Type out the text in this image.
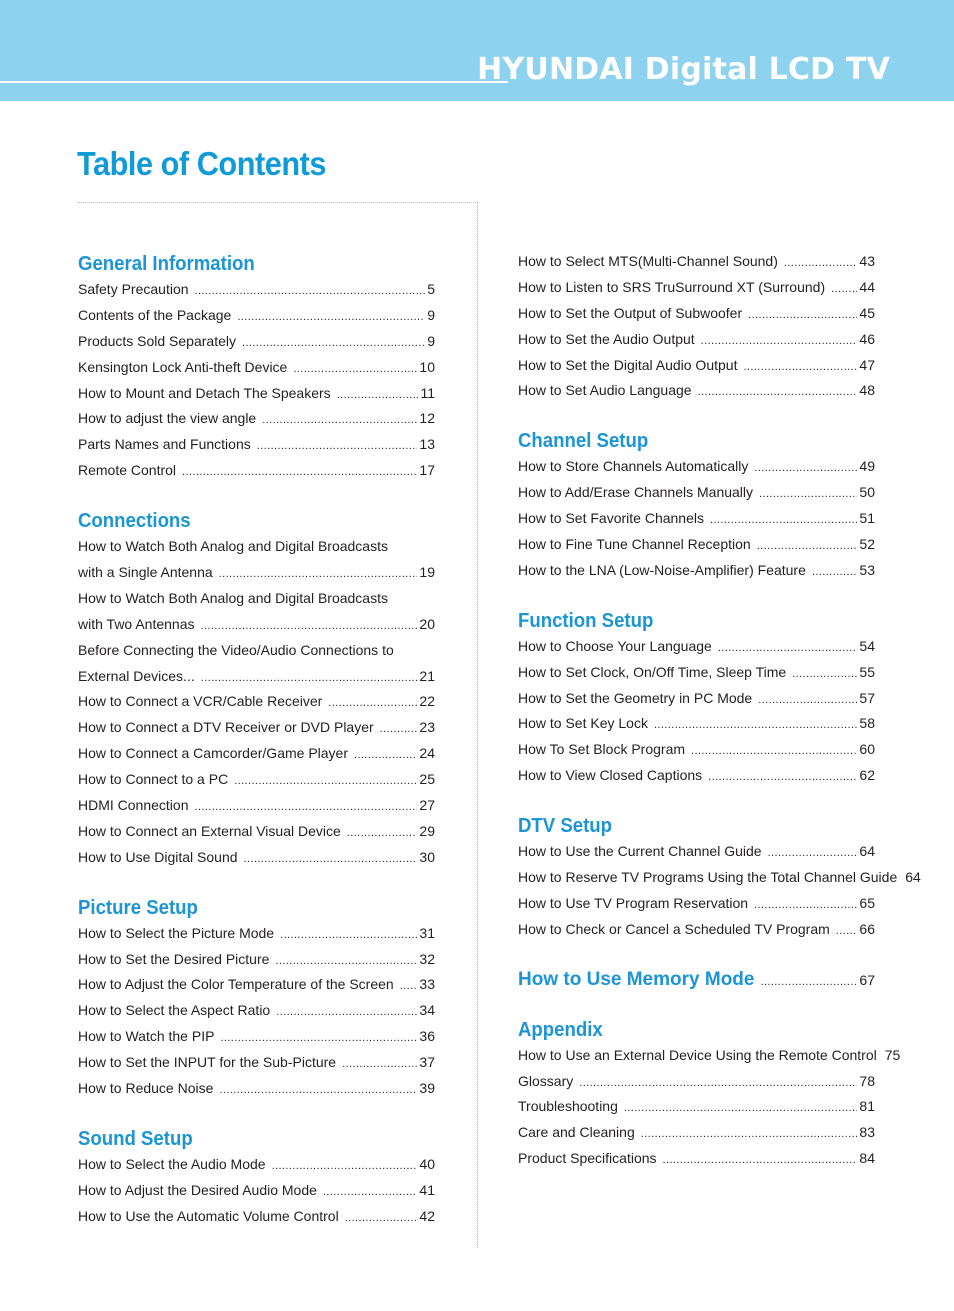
HYUNDAI Digital LCD TV
Table of Contents
General Information
Safety Precaution .....	5
Contents of the Package .....	9
Products Sold Separately .....	9
Kensington Lock Anti-theft Device .....	10
How to Mount and Detach The Speakers .....	11
How to adjust the view angle .....	12
Parts Names and Functions .....	13
Remote Control .....	17
Connections
How to Watch Both Analog and Digital Broadcasts
with a Single Antenna .....	19
How to Watch Both Analog and Digital Broadcasts
with Two Antennas .....	20
Before Connecting the Video/Audio Connections to
External Devices... .....	21
How to Connect a VCR/Cable Receiver .....	22
How to Connect a DTV Receiver or DVD Player .....	23
How to Connect a Camcorder/Game Player .....	24
How to Connect to a PC .....	25
HDMI Connection .....	27
How to Connect an External Visual Device .....	29
How to Use Digital Sound .....	30
Picture Setup
How to Select the Picture Mode .....	31
How to Set the Desired Picture .....	32
How to Adjust the Color Temperature of the Screen ..... 33
How to Select the Aspect Ratio .....	34
How to Watch the PIP .....	36
How to Set the INPUT for the Sub-Picture .....	37
How to Reduce Noise .....	39
Sound Setup
How to Select the Audio Mode .....	40
How to Adjust the Desired Audio Mode .....	41
How to Use the Automatic Volume Control .....	42
How to Select MTS(Multi-Channel Sound) .....	43
How to Listen to SRS TruSurround XT (Surround) ..... 44
How to Set the Output of Subwoofer .....	45
How to Set the Audio Output .....	46
How to Set the Digital Audio Output .....	47
How to Set Audio Language .....	48
Channel Setup
How to Store Channels Automatically .....	49
How to Add/Erase Channels Manually .....	50
How to Set Favorite Channels .....	51
How to Fine Tune Channel Reception .....	52
How to the LNA (Low-Noise-Amplifier) Feature .....	53
Function Setup
How to Choose Your Language .....	54
How to Set Clock, On/Off Time, Sleep Time .....	55
How to Set the Geometry in PC Mode .....	57
How to Set Key Lock .....	58
How To Set Block Program .....	60
How to View Closed Captions .....	62
DTV Setup
How to Use the Current Channel Guide .....	64
How to Reserve TV Programs Using the Total Channel Guide 64
How to Use TV Program Reservation .....	65
How to Check or Cancel a Scheduled TV Program ..... 66
How to Use Memory Mode .....	67
Appendix
How to Use an External Device Using the Remote Control 75
Glossary .....	78
Troubleshooting .....	81
Care and Cleaning .....	83
Product Specifications .....	84
